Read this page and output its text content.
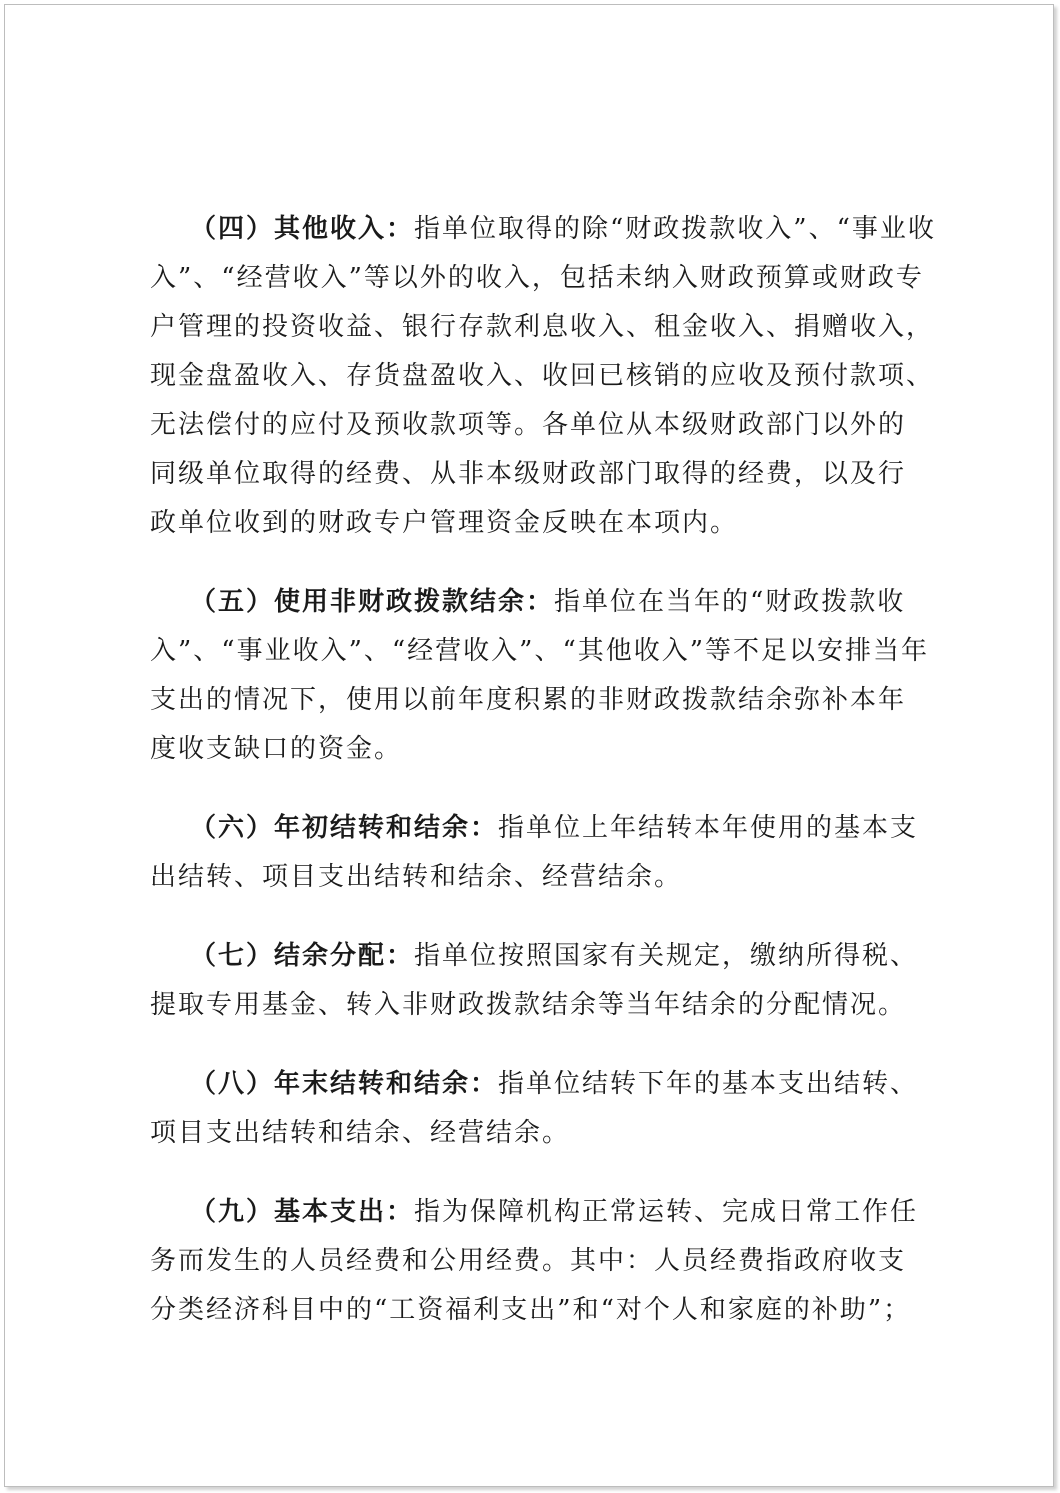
（四）其他收入：指单位取得的除“财政拨款收入”、“事业收
入”、“经营收入”等以外的收入，包括未纳入财政预算或财政专
户管理的投资收益、银行存款利息收入、租金收入、捐赠收入，
现金盘盈收入、存货盘盈收入、收回已核销的应收及预付款项、
无法偿付的应付及预收款项等。各单位从本级财政部门以外的
同级单位取得的经费、从非本级财政部门取得的经费，以及行
政单位收到的财政专户管理资金反映在本项内。
（五）使用非财政拨款结余：指单位在当年的“财政拨款收
入”、“事业收入”、“经营收入”、“其他收入”等不足以安排当年
支出的情况下，使用以前年度积累的非财政拨款结余弥补本年
度收支缺口的资金。
（六）年初结转和结余：指单位上年结转本年使用的基本支
出结转、项目支出结转和结余、经营结余。
（七）结余分配：指单位按照国家有关规定，缴纳所得税、
提取专用基金、转入非财政拨款结余等当年结余的分配情况。
（八）年末结转和结余：指单位结转下年的基本支出结转、
项目支出结转和结余、经营结余。
（九）基本支出：指为保障机构正常运转、完成日常工作任
务而发生的人员经费和公用经费。其中：人员经费指政府收支
分类经济科目中的“工资福利支出”和“对个人和家庭的补助”；
